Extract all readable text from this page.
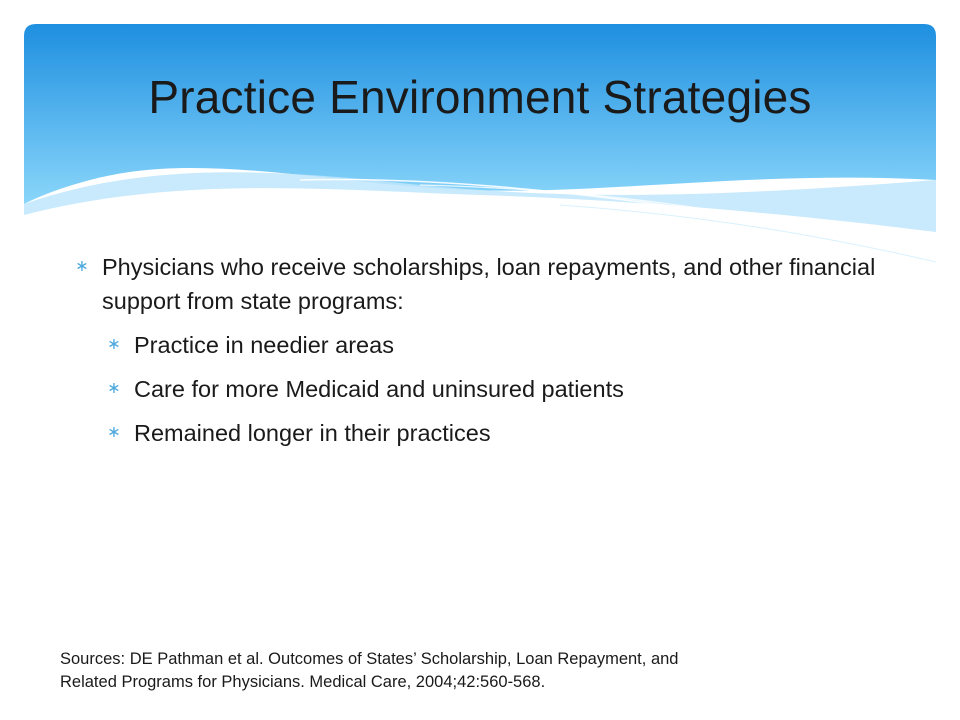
Practice Environment Strategies
∗ Physicians who receive scholarships, loan repayments, and other financial support from state programs:
∗ Practice in needier areas
∗ Care for more Medicaid and uninsured patients
∗ Remained longer in their practices
Sources: DE Pathman et al. Outcomes of States’ Scholarship, Loan Repayment, and
Related Programs for Physicians. Medical Care, 2004;42:560-568.
